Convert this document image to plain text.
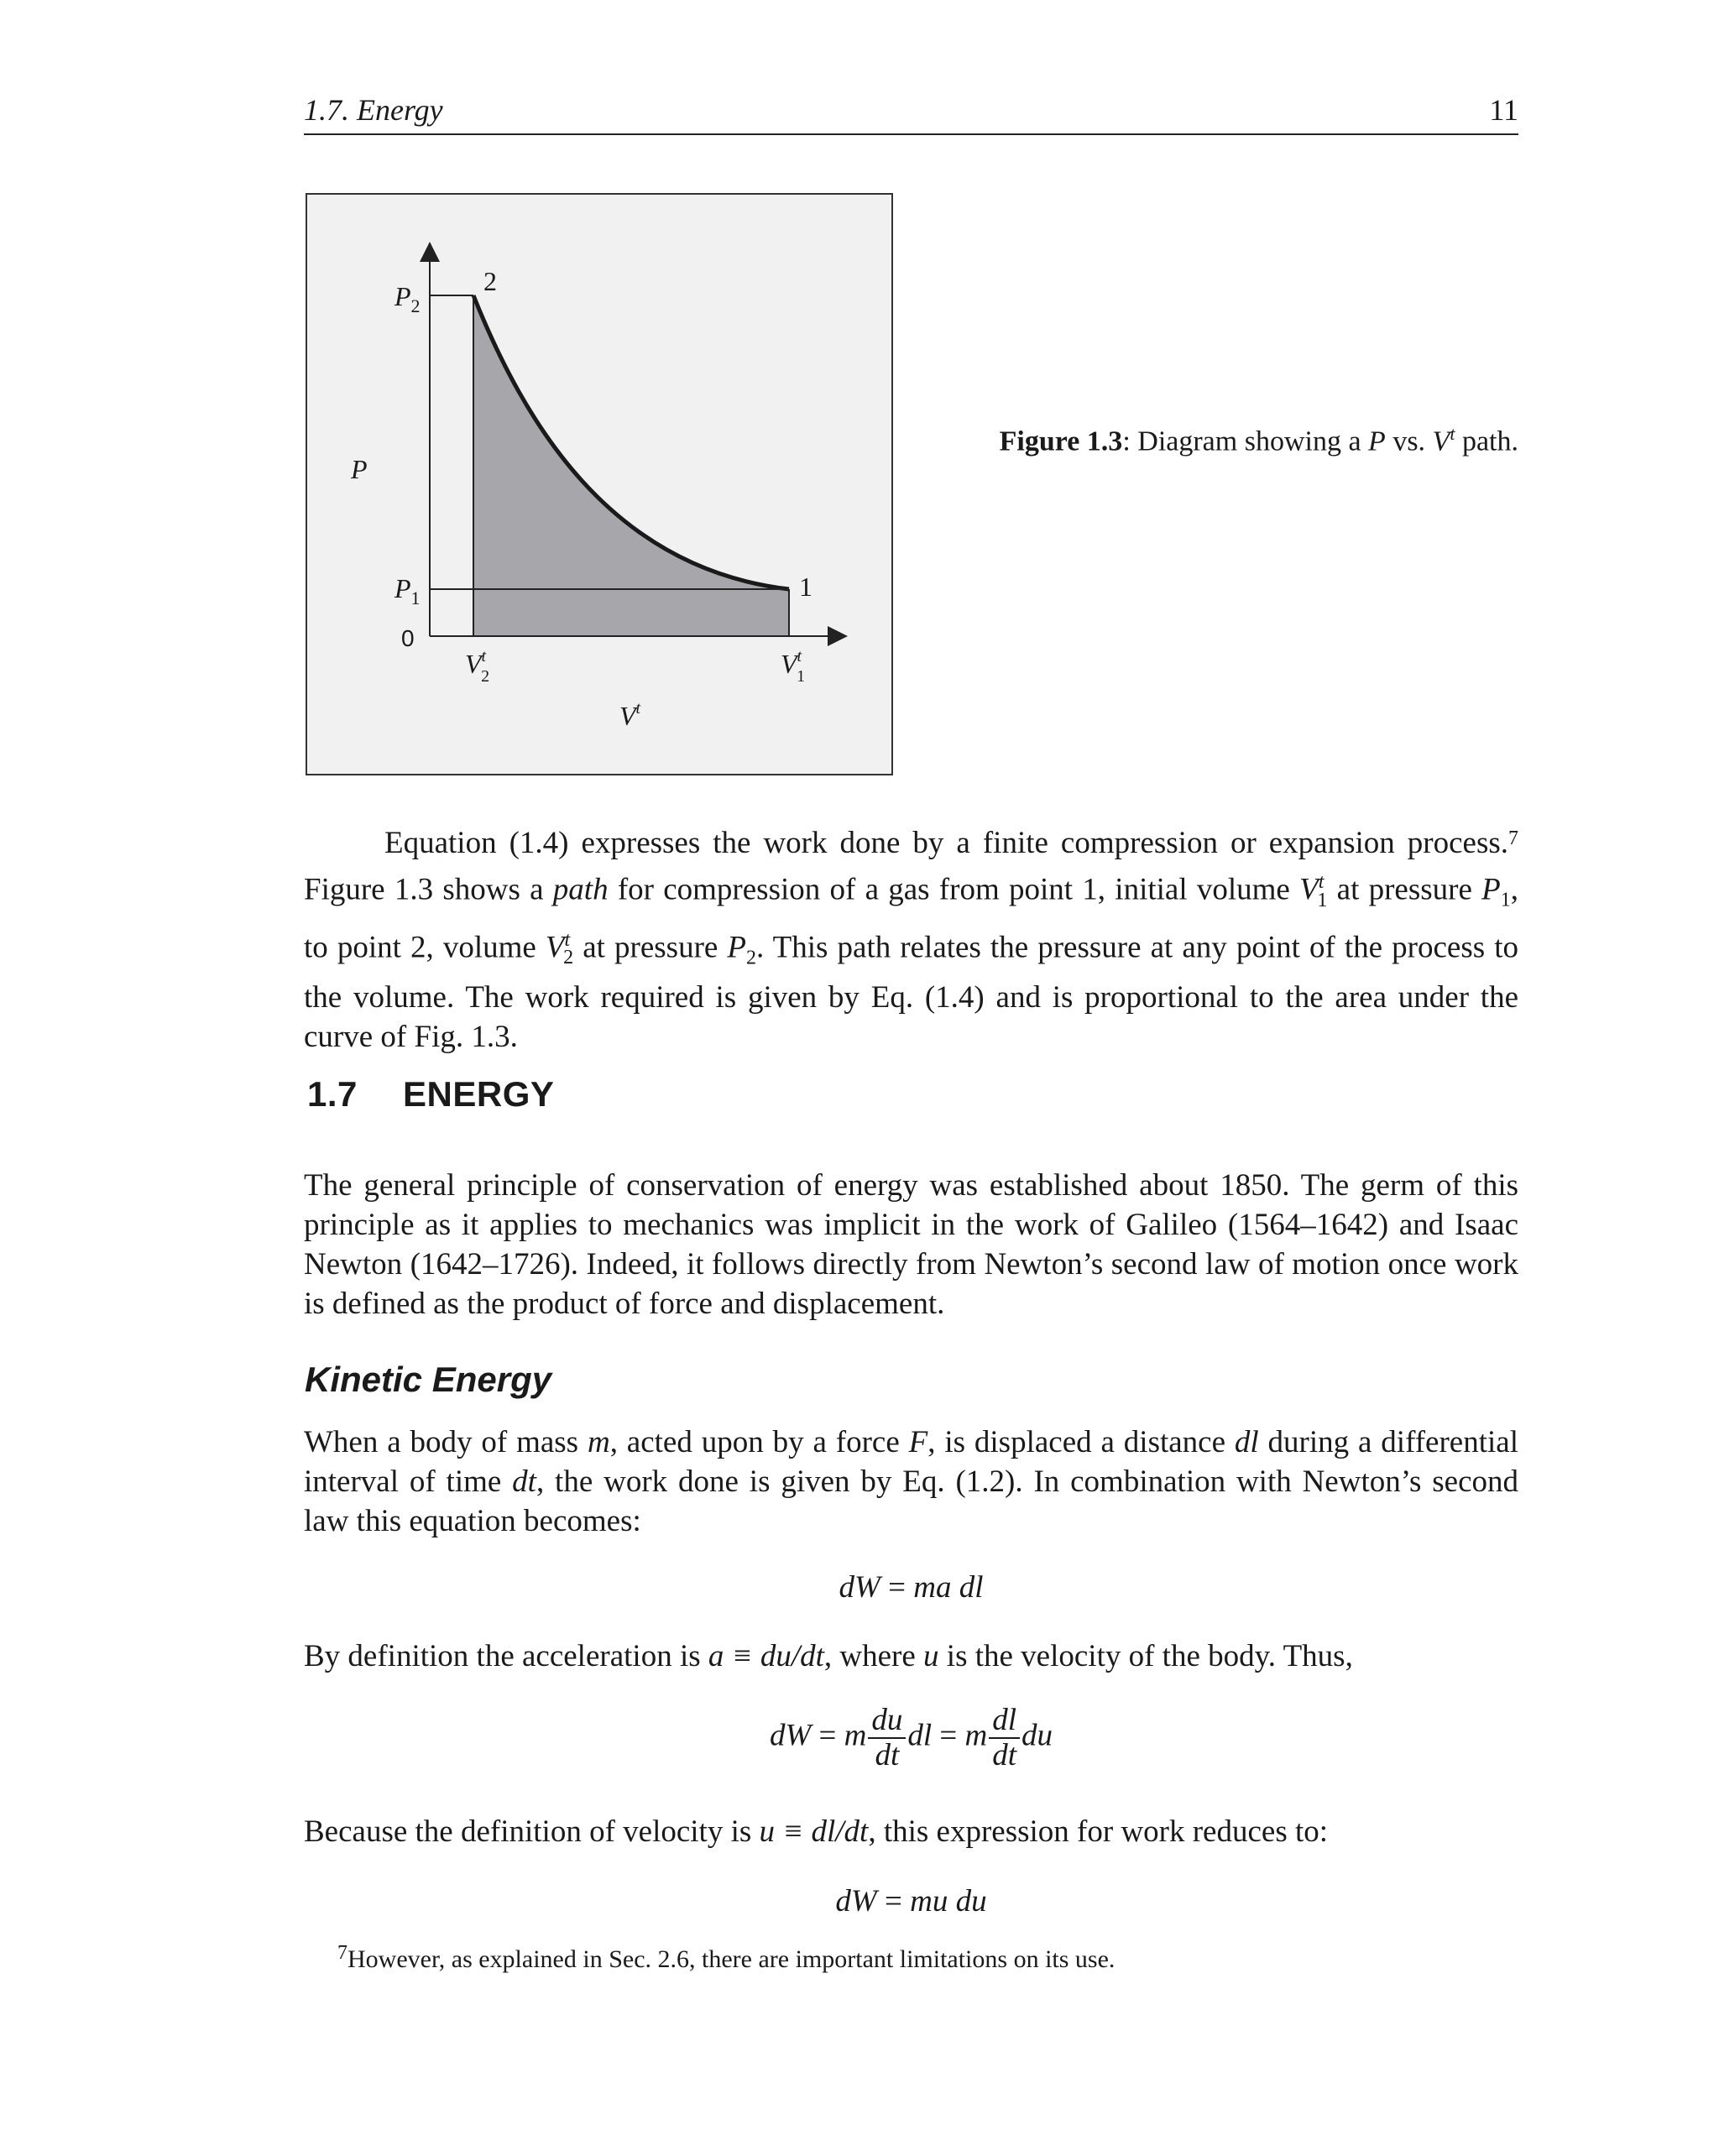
1.7. Energy	11
$P_2$
2
P
$P_1$	1
0
$V^t$ 2	$V^t$ 1
$V^t$
Figure 1.3: Diagram showing a P vs. $V^t$ path.
Equation (1.4) expresses the work done by a finite compression or expansion process.$^7$ Figure 1.3 shows a path for compression of a gas from point 1, initial volume $V^t_1$ at pressure $P_1$, to point 2, volume $V^t_2$ at pressure $P_2$. This path relates the pressure at any point of the process to the volume. The work required is given by Eq. (1.4) and is proportional to the area under the curve of Fig. 1.3.
1.7 ENERGY
The general principle of conservation of energy was established about 1850. The germ of this principle as it applies to mechanics was implicit in the work of Galileo (1564–1642) and Isaac Newton (1642–1726). Indeed, it follows directly from Newton’s second law of motion once work is defined as the product of force and displacement.
Kinetic Energy
When a body of mass m, acted upon by a force F, is displaced a distance dl during a differential interval of time dt, the work done is given by Eq. (1.2). In combination with Newton’s second law this equation becomes:
dW = ma dl
By definition the acceleration is a ≡ du/dt, where u is the velocity of the body. Thus,
dW = m $\frac{du}{dt}$ dl = m $\frac{dl}{dt}$ du
Because the definition of velocity is u ≡ dl/dt, this expression for work reduces to:
dW = mu du
$^7$However, as explained in Sec. 2.6, there are important limitations on its use.
